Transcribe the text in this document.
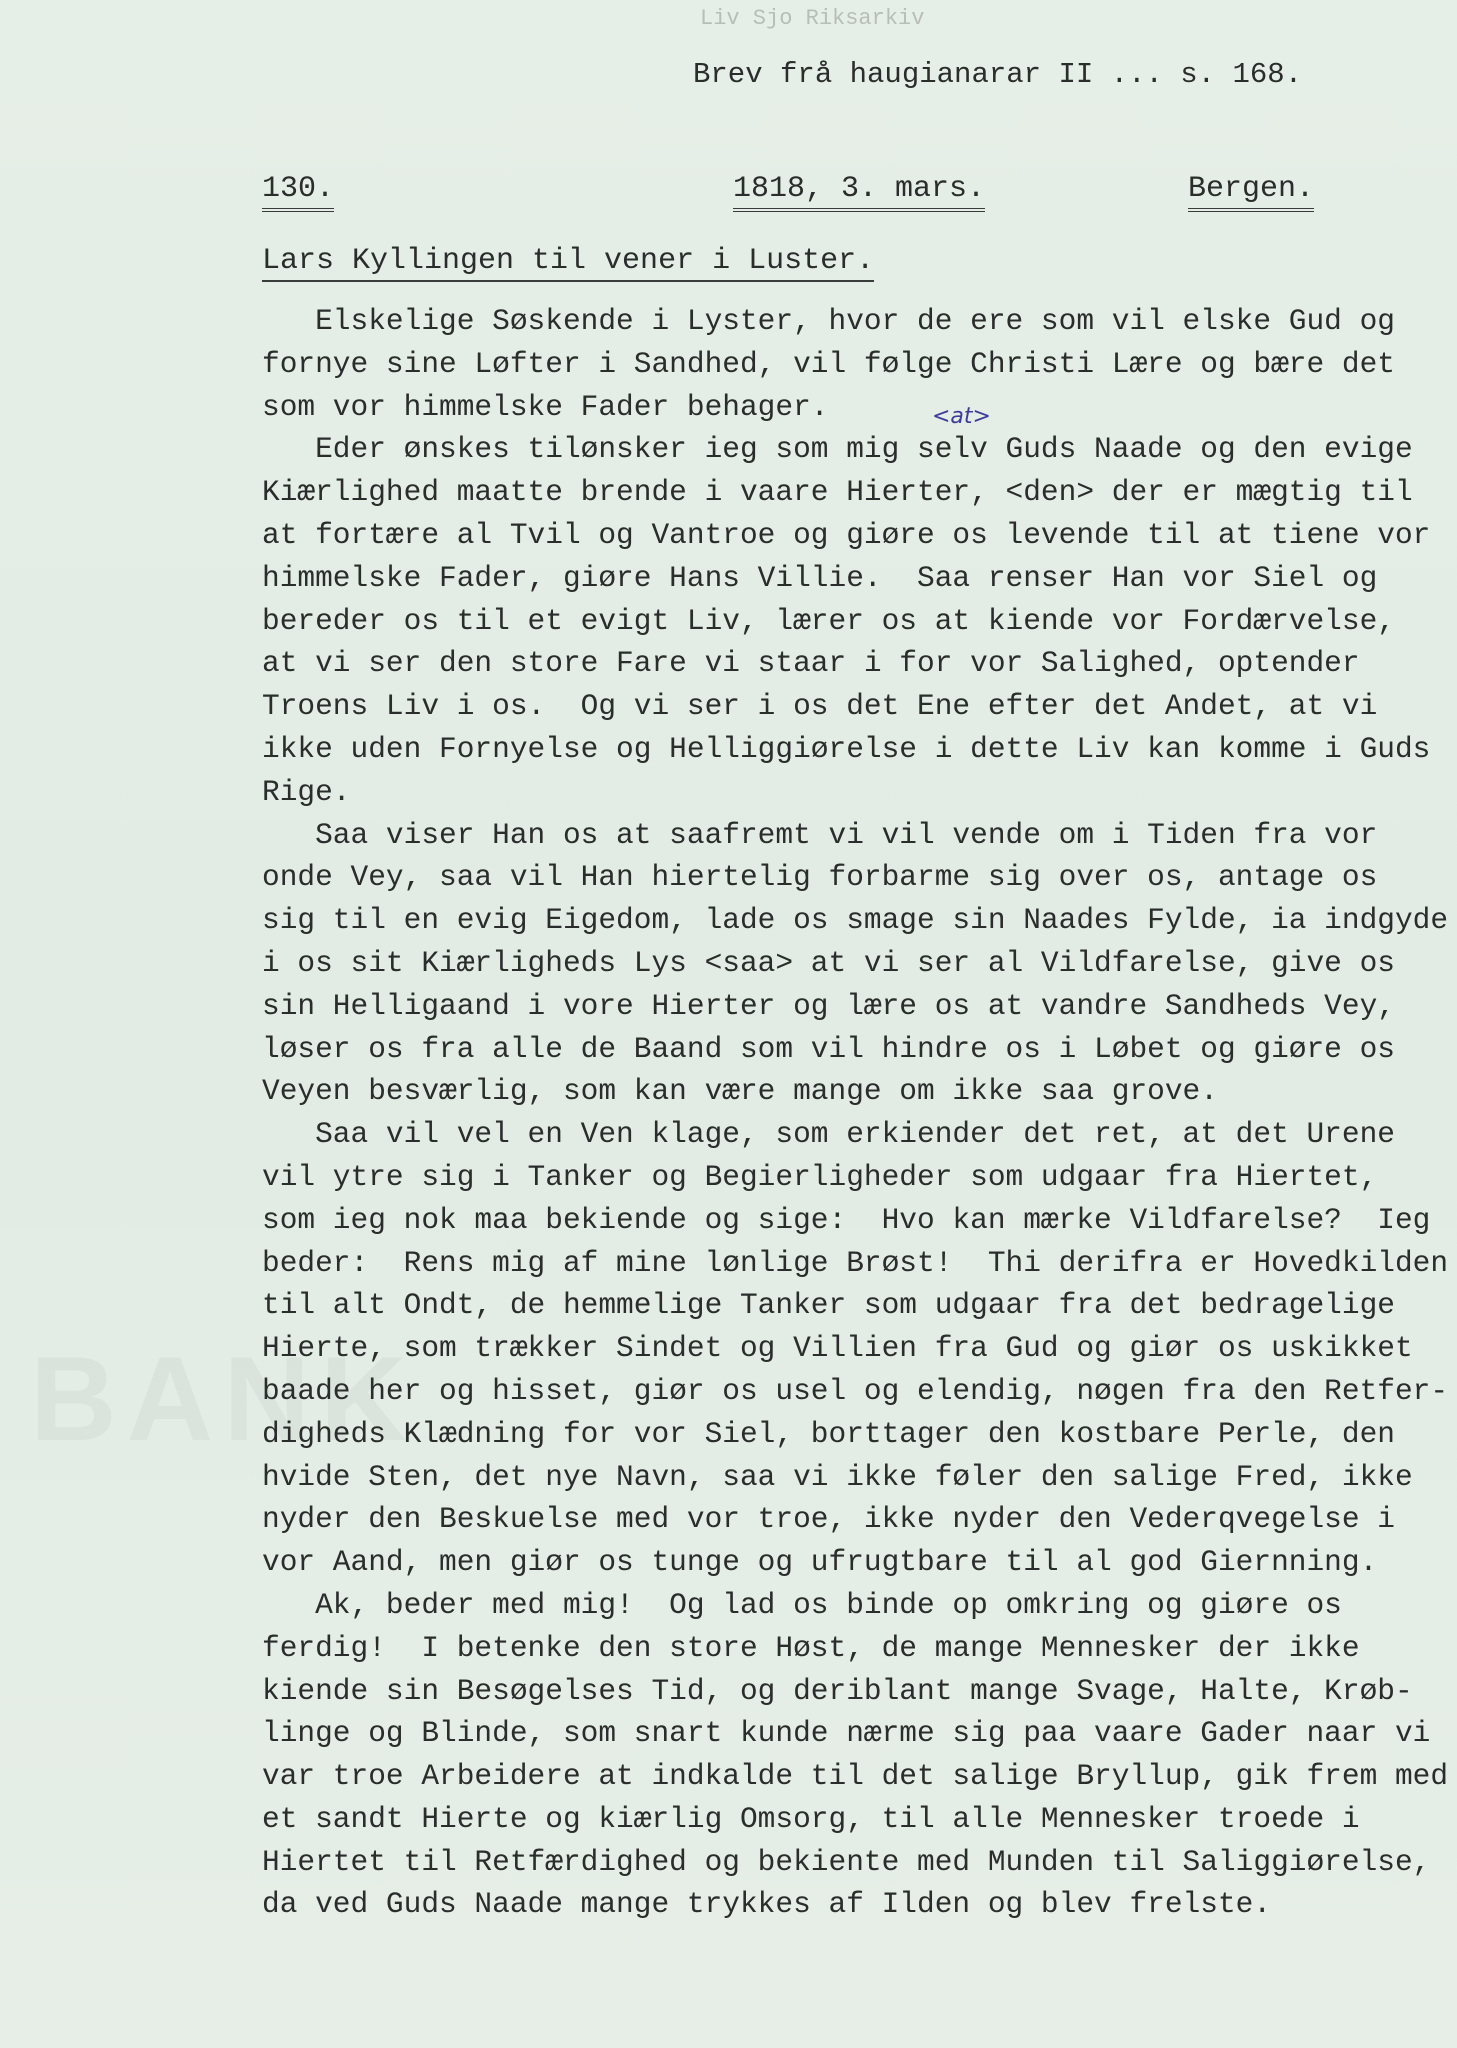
BANK
Liv Sjo Riksarkiv
Brev frå haugianarar II ... s. 168.
130.	1818, 3. mars.	Bergen.
Lars Kyllingen til vener i Luster.
<at>
Elskelige Søskende i Lyster, hvor de ere som vil elske Gud og
fornye sine Løfter i Sandhed, vil følge Christi Lære og bære det
som vor himmelske Fader behager.
Eder ønskes tilønsker ieg som mig selv Guds Naade og den evige
Kiærlighed maatte brende i vaare Hierter, <den> der er mægtig til
at fortære al Tvil og Vantroe og giøre os levende til at tiene vor
himmelske Fader, giøre Hans Villie.  Saa renser Han vor Siel og
bereder os til et evigt Liv, lærer os at kiende vor Fordærvelse,
at vi ser den store Fare vi staar i for vor Salighed, optender
Troens Liv i os.  Og vi ser i os det Ene efter det Andet, at vi
ikke uden Fornyelse og Helliggiørelse i dette Liv kan komme i Guds
Rige.
Saa viser Han os at saafremt vi vil vende om i Tiden fra vor
onde Vey, saa vil Han hiertelig forbarme sig over os, antage os
sig til en evig Eigedom, lade os smage sin Naades Fylde, ia indgyde
i os sit Kiærligheds Lys <saa> at vi ser al Vildfarelse, give os
sin Helligaand i vore Hierter og lære os at vandre Sandheds Vey,
løser os fra alle de Baand som vil hindre os i Løbet og giøre os
Veyen besværlig, som kan være mange om ikke saa grove.
Saa vil vel en Ven klage, som erkiender det ret, at det Urene
vil ytre sig i Tanker og Begierligheder som udgaar fra Hiertet,
som ieg nok maa bekiende og sige:  Hvo kan mærke Vildfarelse?  Ieg
beder:  Rens mig af mine lønlige Brøst!  Thi derifra er Hovedkilden
til alt Ondt, de hemmelige Tanker som udgaar fra det bedragelige
Hierte, som trækker Sindet og Villien fra Gud og giør os uskikket
baade her og hisset, giør os usel og elendig, nøgen fra den Retfer-
digheds Klædning for vor Siel, borttager den kostbare Perle, den
hvide Sten, det nye Navn, saa vi ikke føler den salige Fred, ikke
nyder den Beskuelse med vor troe, ikke nyder den Vederqvegelse i
vor Aand, men giør os tunge og ufrugtbare til al god Giernning.
Ak, beder med mig!  Og lad os binde op omkring og giøre os
ferdig!  I betenke den store Høst, de mange Mennesker der ikke
kiende sin Besøgelses Tid, og deriblant mange Svage, Halte, Krøb-
linge og Blinde, som snart kunde nærme sig paa vaare Gader naar vi
var troe Arbeidere at indkalde til det salige Bryllup, gik frem med
et sandt Hierte og kiærlig Omsorg, til alle Mennesker troede i
Hiertet til Retfærdighed og bekiente med Munden til Saliggiørelse,
da ved Guds Naade mange trykkes af Ilden og blev frelste.
